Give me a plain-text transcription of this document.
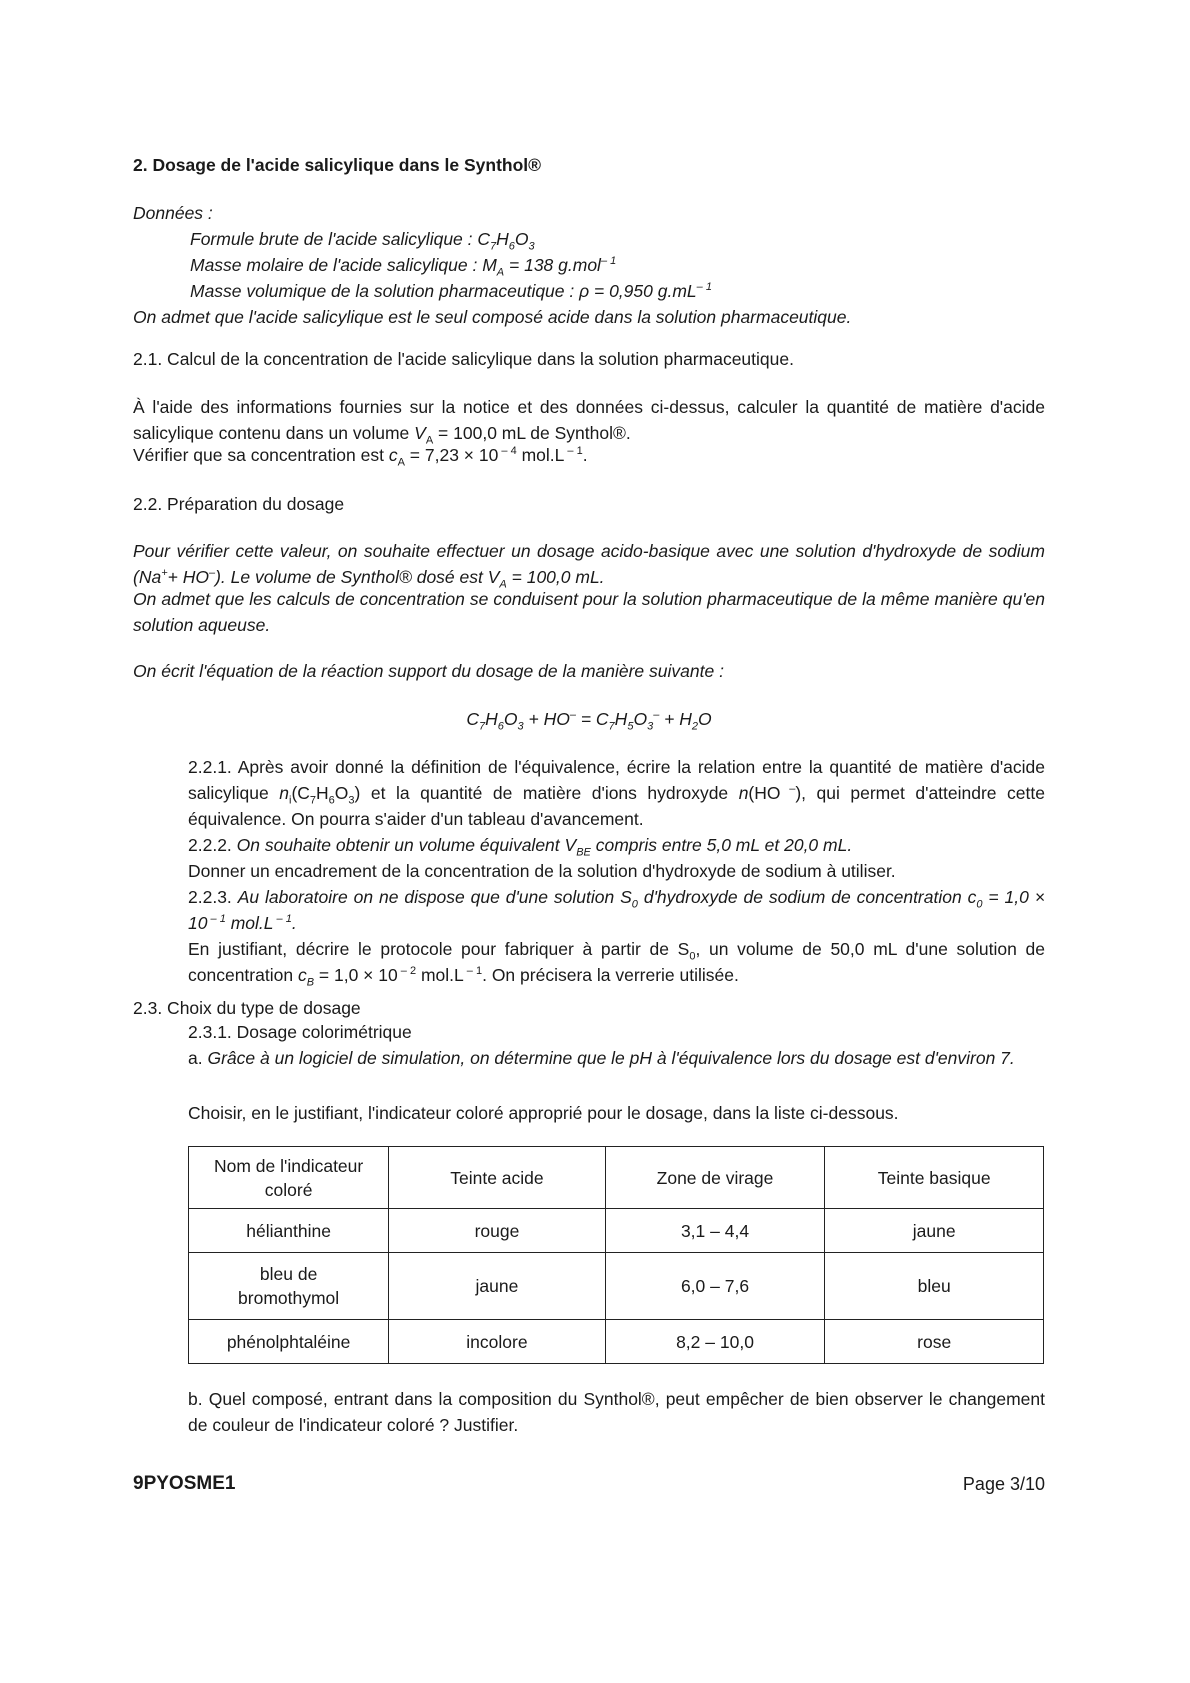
2. Dosage de l'acide salicylique dans le Synthol®

Données :

Formule brute de l'acide salicylique : $C_7H_6O_3$

Masse molaire de l'acide salicylique : $M_A = 138$ g.mol$^{- 1}$

Masse volumique de la solution pharmaceutique : ρ = 0,950 $g.mL^{- 1}$

On admet que l'acide salicylique est le seul composé acide dans la solution pharmaceutique.

2.1. Calcul de la concentration de l'acide salicylique dans la solution pharmaceutique.

À l'aide des informations fournies sur la notice et des données ci-dessus, calculer la quantité de matière d'acide salicylique contenu dans un volume $V_A = 100,0$ mL de Synthol®.

Vérifier que sa concentration est $c_A = 7,23 \times 10$ $^{- 4}$ mol.L $^{- 1}$.

2.2. Préparation du dosage

Pour vérifier cette valeur, on souhaite effectuer un dosage acido-basique avec une solution d'hydroxyde de sodium (Na++ HO–). Le volume de Synthol® dosé est $V_A = 100,0$ mL.

On admet que les calculs de concentration se conduisent pour la solution pharmaceutique de la même manière qu'en solution aqueuse.

On écrit l'équation de la réaction support du dosage de la manière suivante :

$C_7H_6O_3 + HO^- = C_7H_5O_3^- + H_2O$

2.2.1. Après avoir donné la définition de l'équivalence, écrire la relation entre la quantité de matière d'acide salicylique $n_i(C_7H_6O_3)$ et la quantité de matière d'ions hydroxyde n(HO –), qui permet d'atteindre cette équivalence. On pourra s'aider d'un tableau d'avancement.

2.2.2. On souhaite obtenir un volume équivalent $V_{BE}$ compris entre 5,0 mL et 20,0 mL.

Donner un encadrement de la concentration de la solution d'hydroxyde de sodium à utiliser.

2.2.3. Au laboratoire on ne dispose que d'une solution $S_0$ d'hydroxyde de sodium de concentration $c_0 = 1,0 \times 10$ $^{- 1}$ mol.L $^{- 1}$.

En justifiant, décrire le protocole pour fabriquer à partir de $S_0$, un volume de 50,0 mL d'une solution de concentration $c_B = 1,0 \times 10$ $^{- 2}$ mol.L $^{- 1}$. On précisera la verrerie utilisée.

2.3. Choix du type de dosage

2.3.1. Dosage colorimétrique

a. Grâce à un logiciel de simulation, on détermine que le pH à l'équivalence lors du dosage est d'environ 7.

Choisir, en le justifiant, l'indicateur coloré approprié pour le dosage, dans la liste ci-dessous.

Nom de l'indicateur coloré	Teinte acide	Zone de virage	Teinte basique
hélianthine	rouge	3,1 – 4,4	jaune
bleu de bromothymol	jaune	6,0 – 7,6	bleu
phénolphtaléine	incolore	8,2 – 10,0	rose

b. Quel composé, entrant dans la composition du Synthol®, peut empêcher de bien observer le changement de couleur de l'indicateur coloré ? Justifier.

9PYOSME1	Page 3/10
